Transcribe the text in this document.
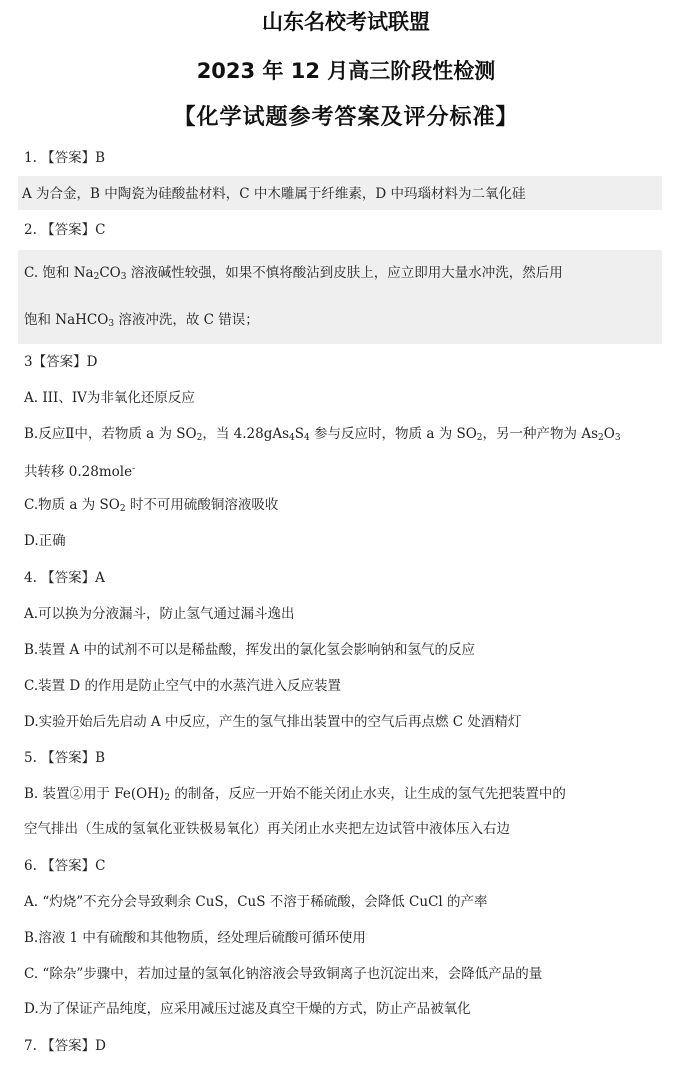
山东名校考试联盟
2023 年 12 月高三阶段性检测
【化学试题参考答案及评分标准】
1. 【答案】B
A 为合金，B 中陶瓷为硅酸盐材料，C 中木雕属于纤维素，D 中玛瑙材料为二氧化硅
2. 【答案】C
C. 饱和 $Na_2CO_3$ 溶液碱性较强，如果不慎将酸沾到皮肤上，应立即用大量水冲洗，然后用
饱和 NaHCO$_3$ 溶液冲洗，故 C 错误；
3【答案】D
A. III、IV为非氧化还原反应
B.反应Ⅱ中，若物质 a 为 $SO_2$，当 $4.28gAs_4S_4$ 参与反应时，物质 a 为 $SO_2$，另一种产物为 $As_2O_3$
共转移 0.28mole-
C.物质 a 为 $SO_2$ 时不可用硫酸铜溶液吸收
D.正确
4. 【答案】A
A.可以换为分液漏斗，防止氢气通过漏斗逸出
B.装置 A 中的试剂不可以是稀盐酸，挥发出的氯化氢会影响钠和氢气的反应
C.装置 D 的作用是防止空气中的水蒸汽进入反应装置
D.实验开始后先启动 A 中反应，产生的氢气排出装置中的空气后再点燃 C 处酒精灯
5. 【答案】B
B. 装置②用于 $Fe(OH)_2$ 的制备，反应一开始不能关闭止水夹，让生成的氢气先把装置中的
空气排出（生成的氢氧化亚铁极易氧化）再关闭止水夹把左边试管中液体压入右边
6. 【答案】C
A. “灼烧”不充分会导致剩余 CuS，CuS 不溶于稀硫酸，会降低 CuCl 的产率
B.溶液 1 中有硫酸和其他物质，经处理后硫酸可循环使用
C. “除杂”步骤中，若加过量的氢氧化钠溶液会导致铜离子也沉淀出来，会降低产品的量
D.为了保证产品纯度，应采用减压过滤及真空干燥的方式，防止产品被氧化
7. 【答案】D
